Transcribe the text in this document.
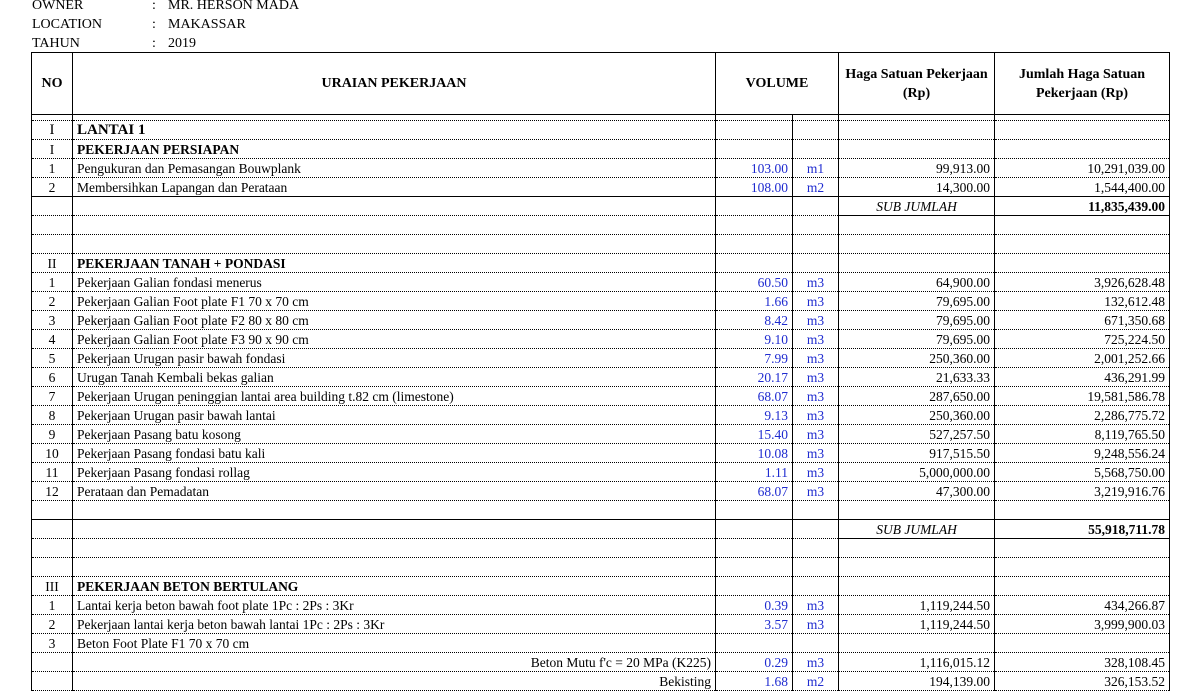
OWNER	: MR. HERSON MADA
LOCATION	: MAKASSAR
TAHUN	: 2019
NO	URAIAN PEKERJAAN	VOLUME		Haga Satuan Pekerjaan (Rp)	Jumlah Haga Satuan Pekerjaan (Rp)

I	LANTAI 1				
I	PEKERJAAN PERSIAPAN				
1	Pengukuran dan Pemasangan Bouwplank	103.00	m1	99,913.00	10,291,039.00
2	Membersihkan Lapangan dan Perataan	108.00	m2	14,300.00	1,544,400.00
				SUB JUMLAH	11,835,439.00

II	PEKERJAAN TANAH + PONDASI				
1	Pekerjaan Galian fondasi menerus	60.50	m3	64,900.00	3,926,628.48
2	Pekerjaan Galian Foot plate F1 70 x 70 cm	1.66	m3	79,695.00	132,612.48
3	Pekerjaan Galian Foot plate F2 80 x 80 cm	8.42	m3	79,695.00	671,350.68
4	Pekerjaan Galian Foot plate F3 90 x 90 cm	9.10	m3	79,695.00	725,224.50
5	Pekerjaan Urugan pasir bawah fondasi	7.99	m3	250,360.00	2,001,252.66
6	Urugan Tanah Kembali bekas galian	20.17	m3	21,633.33	436,291.99
7	Pekerjaan Urugan peninggian lantai area building t.82 cm (limestone)	68.07	m3	287,650.00	19,581,586.78
8	Pekerjaan Urugan pasir bawah lantai	9.13	m3	250,360.00	2,286,775.72
9	Pekerjaan Pasang batu kosong	15.40	m3	527,257.50	8,119,765.50
10	Pekerjaan Pasang fondasi batu kali	10.08	m3	917,515.50	9,248,556.24
11	Pekerjaan Pasang fondasi rollag	1.11	m3	5,000,000.00	5,568,750.00
12	Perataan dan Pemadatan	68.07	m3	47,300.00	3,219,916.76

				SUB JUMLAH	55,918,711.78

III	PEKERJAAN BETON BERTULANG				
1	Lantai kerja beton bawah foot plate 1Pc : 2Ps : 3Kr	0.39	m3	1,119,244.50	434,266.87
2	Pekerjaan lantai kerja beton bawah lantai 1Pc : 2Ps : 3Kr	3.57	m3	1,119,244.50	3,999,900.03
3	Beton Foot Plate F1 70 x 70 cm				
	Beton Mutu f'c = 20 MPa (K225)	0.29	m3	1,116,015.12	328,108.45
	Bekisting	1.68	m2	194,139.00	326,153.52
